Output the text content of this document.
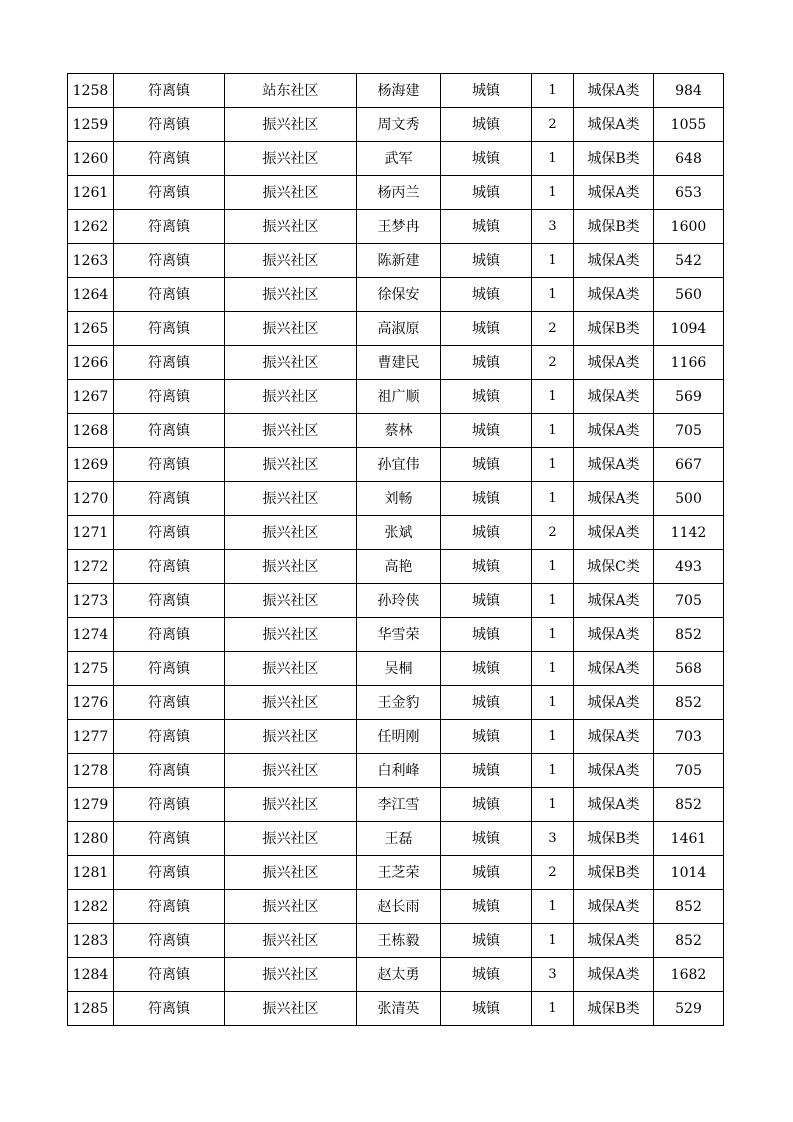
1258	符离镇	站东社区	杨海建	城镇	1	城保A类	984
1259	符离镇	振兴社区	周文秀	城镇	2	城保A类	1055
1260	符离镇	振兴社区	武军	城镇	1	城保B类	648
1261	符离镇	振兴社区	杨丙兰	城镇	1	城保A类	653
1262	符离镇	振兴社区	王梦冉	城镇	3	城保B类	1600
1263	符离镇	振兴社区	陈新建	城镇	1	城保A类	542
1264	符离镇	振兴社区	徐保安	城镇	1	城保A类	560
1265	符离镇	振兴社区	高淑原	城镇	2	城保B类	1094
1266	符离镇	振兴社区	曹建民	城镇	2	城保A类	1166
1267	符离镇	振兴社区	祖广顺	城镇	1	城保A类	569
1268	符离镇	振兴社区	蔡林	城镇	1	城保A类	705
1269	符离镇	振兴社区	孙宜伟	城镇	1	城保A类	667
1270	符离镇	振兴社区	刘畅	城镇	1	城保A类	500
1271	符离镇	振兴社区	张斌	城镇	2	城保A类	1142
1272	符离镇	振兴社区	高艳	城镇	1	城保C类	493
1273	符离镇	振兴社区	孙玲侠	城镇	1	城保A类	705
1274	符离镇	振兴社区	华雪荣	城镇	1	城保A类	852
1275	符离镇	振兴社区	吴桐	城镇	1	城保A类	568
1276	符离镇	振兴社区	王金豹	城镇	1	城保A类	852
1277	符离镇	振兴社区	任明刚	城镇	1	城保A类	703
1278	符离镇	振兴社区	白利峰	城镇	1	城保A类	705
1279	符离镇	振兴社区	李江雪	城镇	1	城保A类	852
1280	符离镇	振兴社区	王磊	城镇	3	城保B类	1461
1281	符离镇	振兴社区	王芝荣	城镇	2	城保B类	1014
1282	符离镇	振兴社区	赵长雨	城镇	1	城保A类	852
1283	符离镇	振兴社区	王栋毅	城镇	1	城保A类	852
1284	符离镇	振兴社区	赵太勇	城镇	3	城保A类	1682
1285	符离镇	振兴社区	张清英	城镇	1	城保B类	529
